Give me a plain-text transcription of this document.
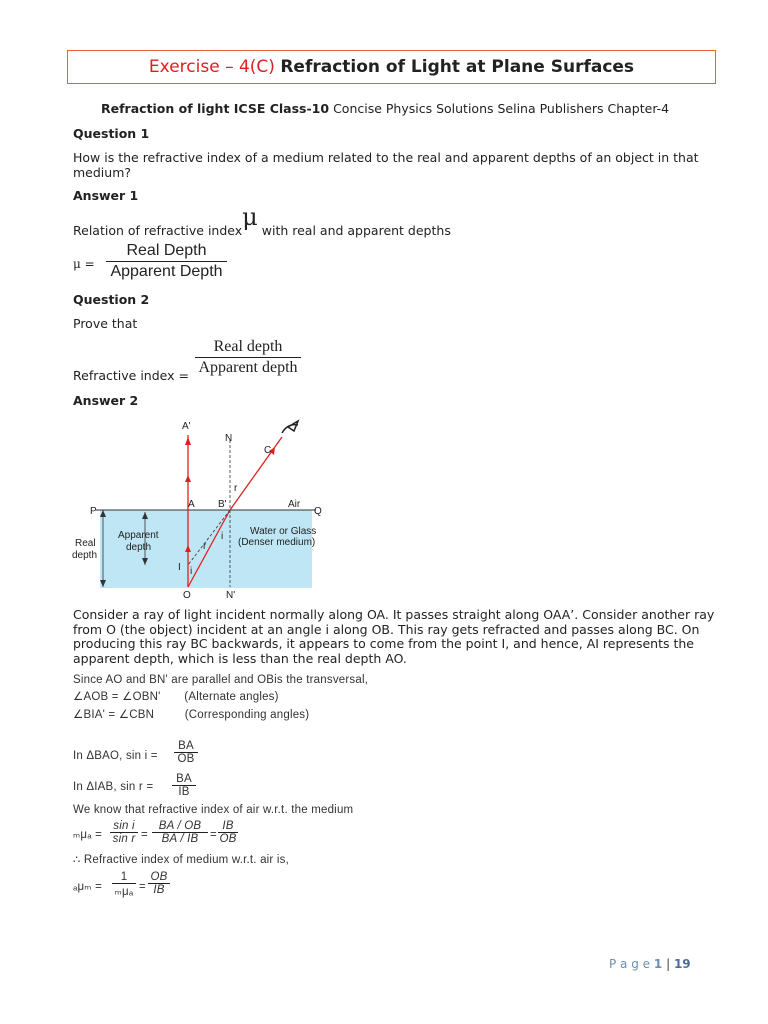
Exercise – 4(C) Refraction of Light at Plane Surfaces
Refraction of light ICSE Class-10 Concise Physics Solutions Selina Publishers Chapter-4
Question 1
How is the refractive index of a medium related to the real and apparent depths of an object in that medium?
Answer 1
Relation of refractive indexμ with real and apparent depths
μ =
Real Depth
Apparent Depth
Question 2
Prove that
Refractive index =
Real depth
Apparent depth
Answer 2
A'
N
C
P
A B'	Air
Q
r
Apparent
depth
Water or Glass
(Denser medium)
Real
depth
r
i
I i
O	N'
Consider a ray of light incident normally along OA. It passes straight along OAA’. Consider another ray from O (the object) incident at an angle i along OB. This ray gets refracted and passes along BC. On producing this ray BC backwards, it appears to come from the point I, and hence, AI represents the apparent depth, which is less than the real depth AO.
Since AO and BN' are parallel and OBis the transversal,
∠AOB = ∠OBN'       (Alternate angles)
∠BIA' = ∠CBN         (Corresponding angles)
In ΔBAO, sin i =
BA
OB
In ΔIAB, sin r =
BA
IB
We know that refractive index of air w.r.t. the medium
ₘμₐ =
sin i
sin r =
BA / OB
BA / IB	=
IB
OB
∴ Refractive index of medium w.r.t. air is,
ₐμₘ =
1
ₘμₐ =
OB
IB
P a g e 1 | 19
